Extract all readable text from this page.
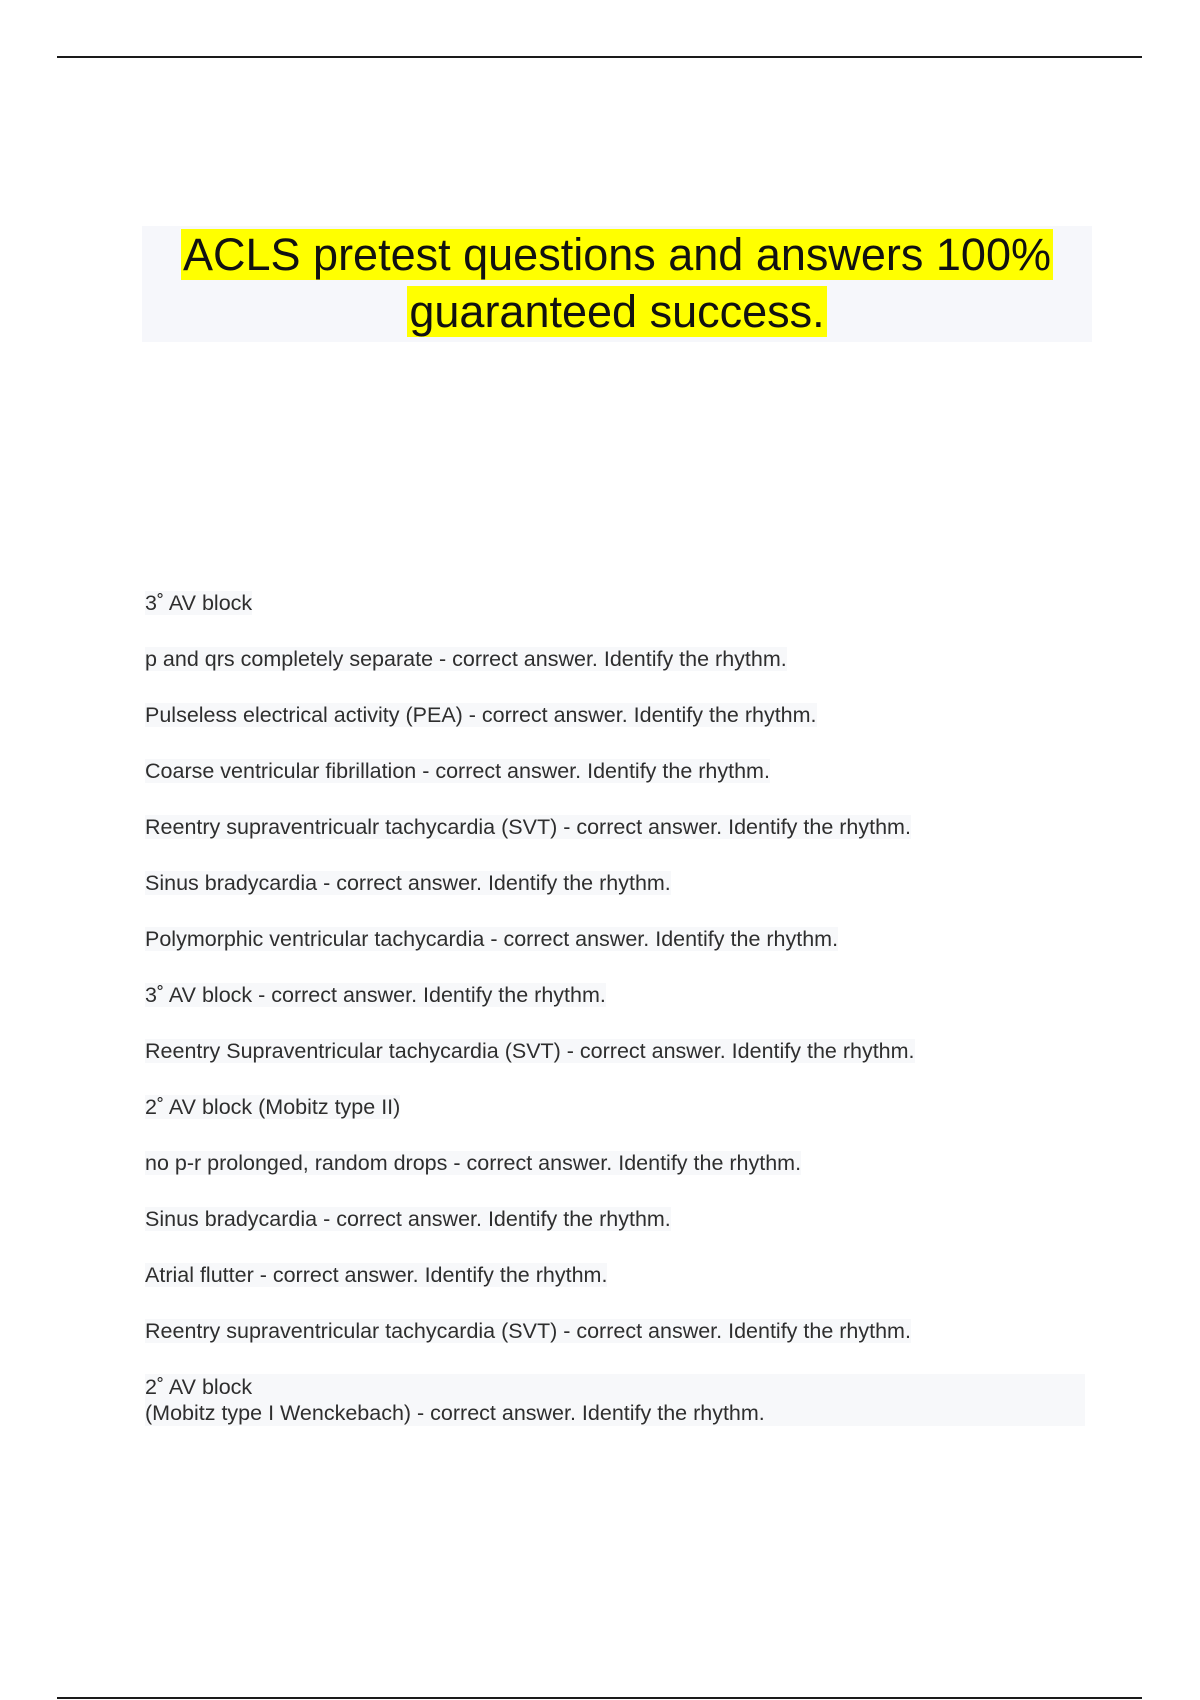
ACLS pretest questions and answers 100%
guaranteed success.
3˚ AV block
p and qrs completely separate - correct answer. Identify the rhythm.
Pulseless electrical activity (PEA) - correct answer. Identify the rhythm.
Coarse ventricular fibrillation - correct answer. Identify the rhythm.
Reentry supraventricualr tachycardia (SVT) - correct answer. Identify the rhythm.
Sinus bradycardia - correct answer. Identify the rhythm.
Polymorphic ventricular tachycardia - correct answer. Identify the rhythm.
3˚ AV block - correct answer. Identify the rhythm.
Reentry Supraventricular tachycardia (SVT) - correct answer. Identify the rhythm.
2˚ AV block (Mobitz type II)
no p-r prolonged, random drops - correct answer. Identify the rhythm.
Sinus bradycardia - correct answer. Identify the rhythm.
Atrial flutter - correct answer. Identify the rhythm.
Reentry supraventricular tachycardia (SVT) - correct answer. Identify the rhythm.
2˚ AV block
(Mobitz type I Wenckebach) - correct answer. Identify the rhythm.
